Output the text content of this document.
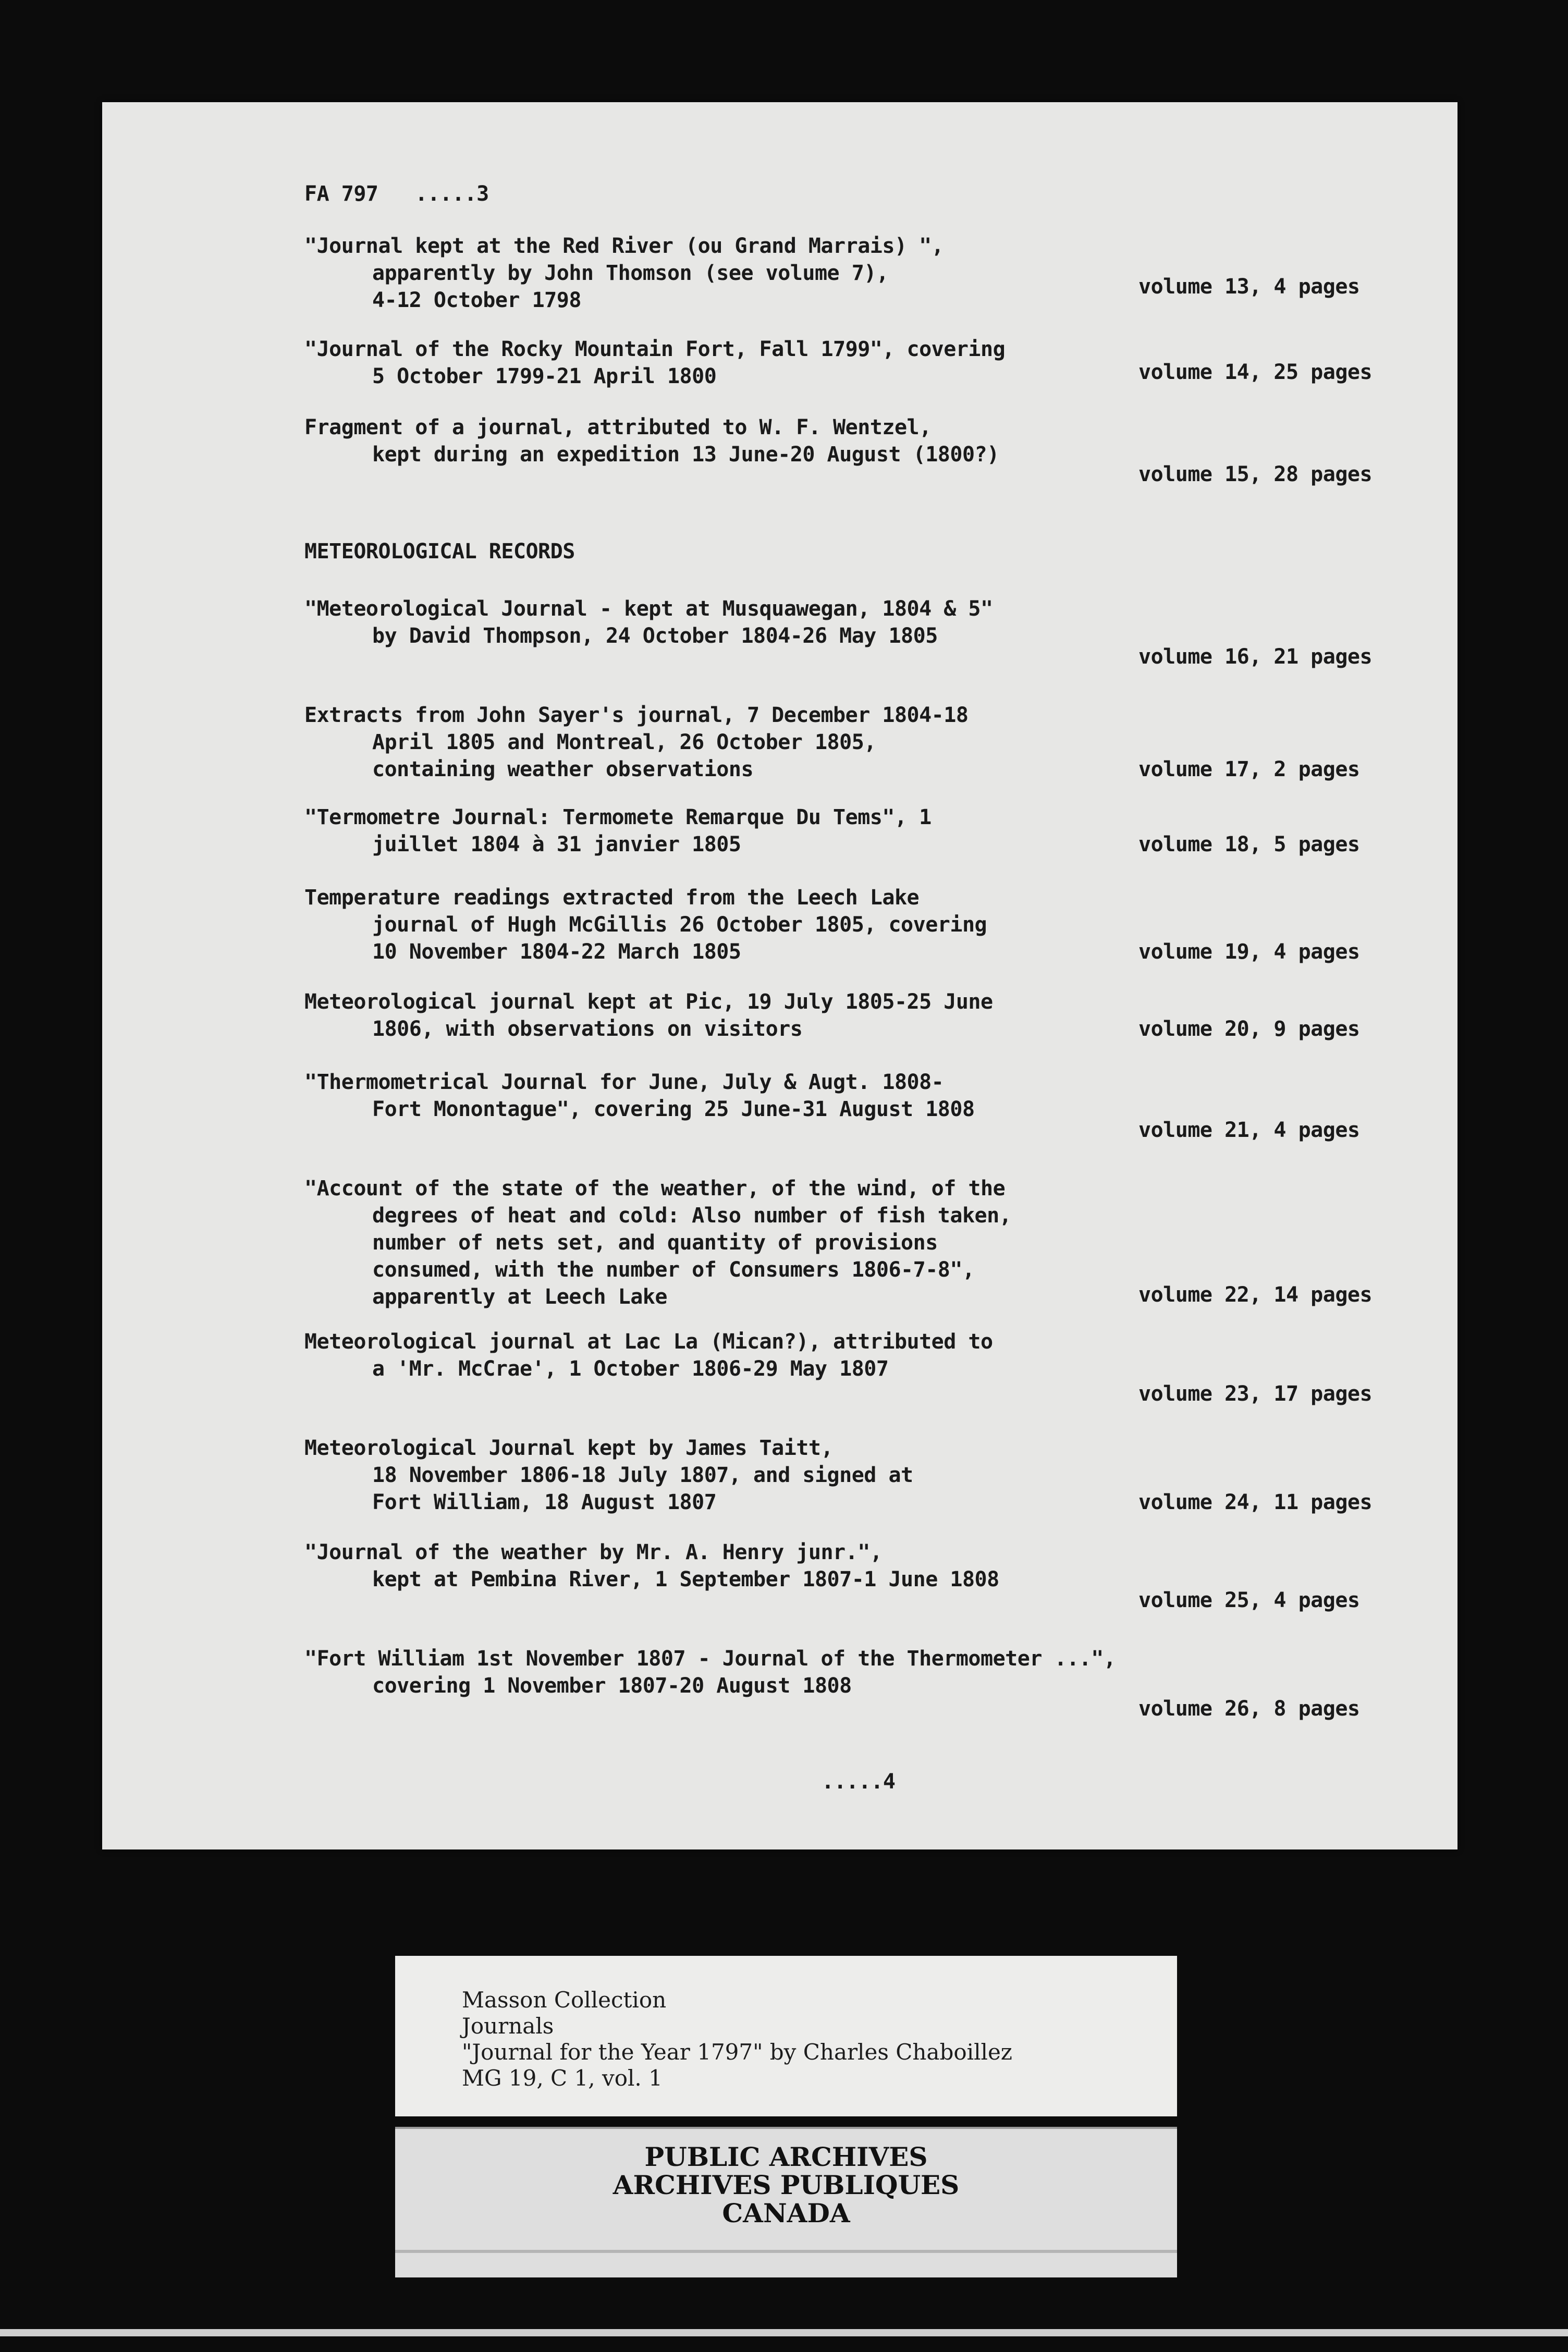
FA 797   .....3
"Journal kept at the Red River (ou Grand Marrais) ",
apparently by John Thomson (see volume 7),
4-12 October 1798
volume 13, 4 pages
"Journal of the Rocky Mountain Fort, Fall 1799", covering
5 October 1799-21 April 1800	volume 14, 25 pages
Fragment of a journal, attributed to W. F. Wentzel,
kept during an expedition 13 June-20 August (1800?)
volume 15, 28 pages
METEOROLOGICAL RECORDS
"Meteorological Journal - kept at Musquawegan, 1804 & 5"
by David Thompson, 24 October 1804-26 May 1805
volume 16, 21 pages
Extracts from John Sayer's journal, 7 December 1804-18
April 1805 and Montreal, 26 October 1805,
containing weather observations	volume 17, 2 pages
"Termometre Journal: Termomete Remarque Du Tems", 1
juillet 1804 à 31 janvier 1805	volume 18, 5 pages
Temperature readings extracted from the Leech Lake
journal of Hugh McGillis 26 October 1805, covering
10 November 1804-22 March 1805	volume 19, 4 pages
Meteorological journal kept at Pic, 19 July 1805-25 June
1806, with observations on visitors	volume 20, 9 pages
"Thermometrical Journal for June, July & Augt. 1808-
Fort Monontague", covering 25 June-31 August 1808
volume 21, 4 pages
"Account of the state of the weather, of the wind, of the
degrees of heat and cold: Also number of fish taken,
number of nets set, and quantity of provisions
consumed, with the number of Consumers 1806-7-8",
apparently at Leech Lake	volume 22, 14 pages
Meteorological journal at Lac La (Mican?), attributed to
a 'Mr. McCrae', 1 October 1806-29 May 1807
volume 23, 17 pages
Meteorological Journal kept by James Taitt,
18 November 1806-18 July 1807, and signed at
Fort William, 18 August 1807	volume 24, 11 pages
"Journal of the weather by Mr. A. Henry junr.",
kept at Pembina River, 1 September 1807-1 June 1808
volume 25, 4 pages
"Fort William 1st November 1807 - Journal of the Thermometer ...",
covering 1 November 1807-20 August 1808
volume 26, 8 pages
.....4
Masson Collection
Journals
"Journal for the Year 1797" by Charles Chaboillez
MG 19, C 1, vol. 1
PUBLIC ARCHIVES
ARCHIVES PUBLIQUES
CANADA
